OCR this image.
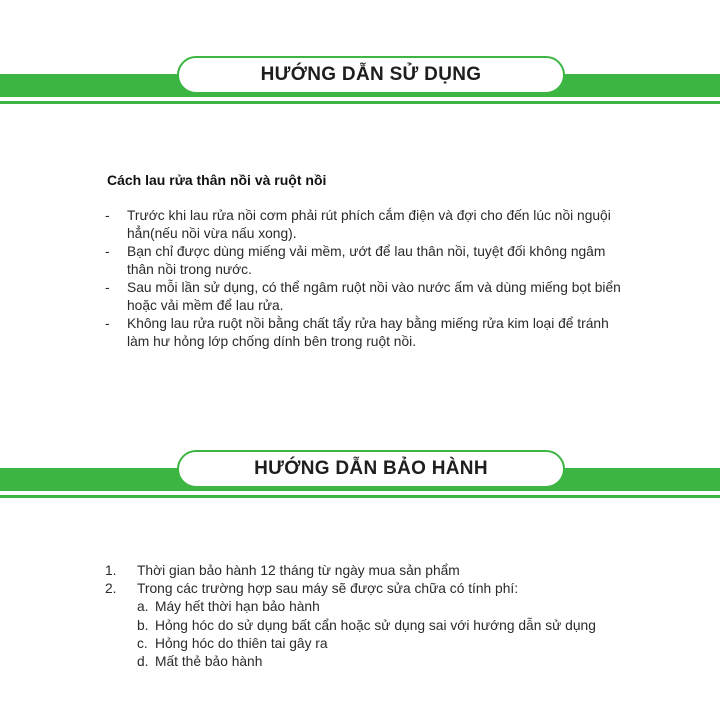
HƯỚNG DẪN SỬ DỤNG
Cách lau rửa thân nồi và ruột nồi
- Trước khi lau rửa nồi cơm phải rút phích cắm điện và đợi cho đến lúc nồi nguội hẳn(nếu nồi vừa nấu xong).
- Bạn chỉ được dùng miếng vải mềm, ướt để lau thân nồi, tuyệt đối không ngâm thân nồi trong nước.
- Sau mỗi lần sử dụng, có thể ngâm ruột nồi vào nước ấm và dùng miếng bọt biển hoặc vải mềm để lau rửa.
- Không lau rửa ruột nồi bằng chất tẩy rửa hay bằng miếng rửa kim loại để tránh làm hư hỏng lớp chống dính bên trong ruột nồi.
HƯỚNG DẪN BẢO HÀNH
1. Thời gian bảo hành 12 tháng từ ngày mua sản phẩm
2. Trong các trường hợp sau máy sẽ được sửa chữa có tính phí:
a. Máy hết thời hạn bảo hành
b. Hỏng hóc do sử dụng bất cẩn hoặc sử dụng sai với hướng dẫn sử dụng
c. Hỏng hóc do thiên tai gây ra
d. Mất thẻ bảo hành
